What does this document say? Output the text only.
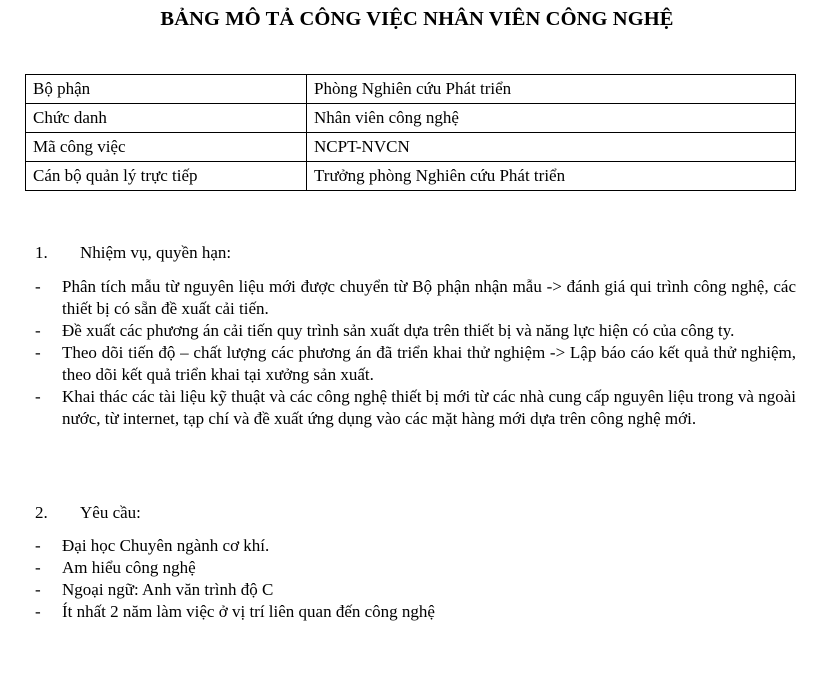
BẢNG MÔ TẢ CÔNG VIỆC NHÂN VIÊN CÔNG NGHỆ
Bộ phận	Phòng Nghiên cứu Phát triển
Chức danh	Nhân viên công nghệ
Mã công việc	NCPT-NVCN
Cán bộ quản lý trực tiếp	Trưởng phòng Nghiên cứu Phát triển
1. Nhiệm vụ, quyền hạn:
- Phân tích mẫu từ nguyên liệu mới được chuyển từ Bộ phận nhận mẫu -> đánh giá qui trình công nghệ, các thiết bị có sẵn đề xuất cải tiến.
- Đề xuất các phương án cải tiến quy trình sản xuất dựa trên thiết bị và năng lực hiện có của công ty.
- Theo dõi tiến độ – chất lượng các phương án đã triển khai thử nghiệm -> Lập báo cáo kết quả thử nghiệm, theo dõi kết quả triển khai tại xưởng sản xuất.
- Khai thác các tài liệu kỹ thuật và các công nghệ thiết bị mới từ các nhà cung cấp nguyên liệu trong và ngoài nước, từ internet, tạp chí và đề xuất ứng dụng vào các mặt hàng mới dựa trên công nghệ mới.
2. Yêu cầu:
- Đại học Chuyên ngành cơ khí.
- Am hiểu công nghệ
- Ngoại ngữ: Anh văn trình độ C
- Ít nhất 2 năm làm việc ở vị trí liên quan đến công nghệ
